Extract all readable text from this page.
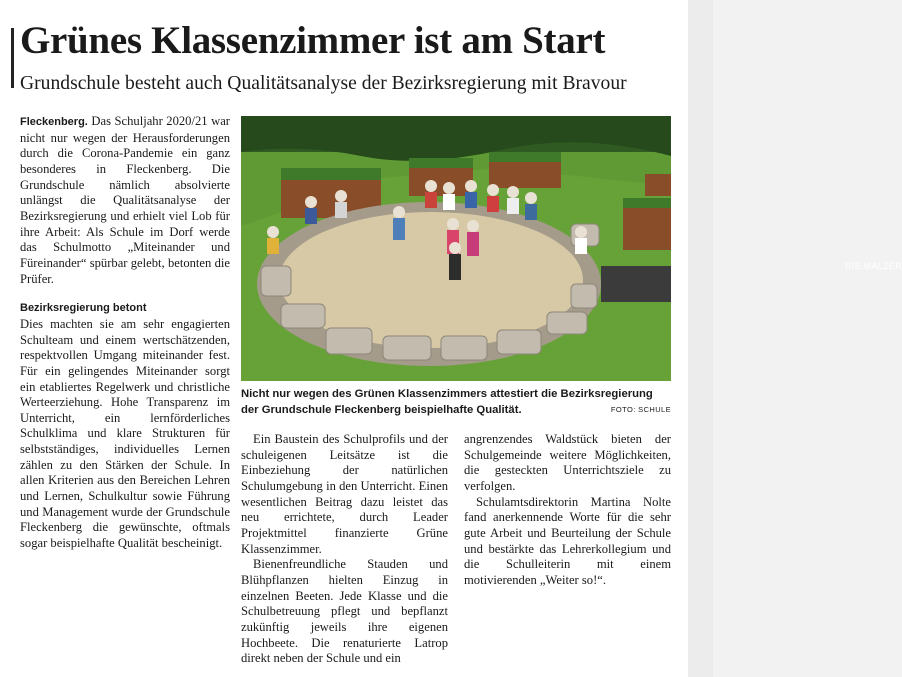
Grünes Klassenzimmer ist am Start
Grundschule besteht auch Qualitätsanalyse der Bezirksregierung mit Bravour

Fleckenberg. Das Schuljahr 2020/21 war nicht nur wegen der Herausforderungen durch die Corona-Pandemie ein ganz besonderes in Fleckenberg. Die Grundschule nämlich absolvierte unlängst die Qualitätsanalyse der Bezirksregierung und erhielt viel Lob für ihre Arbeit: Als Schule im Dorf werde das Schulmotto „Miteinander und Füreinander“ spürbar gelebt, betonten die Prüfer.

Bezirksregierung betont

Dies machten sie am sehr engagierten Schulteam und einem wertschätzenden, respektvollen Umgang miteinander fest. Für ein gelingendes Miteinander sorgt ein etabliertes Regelwerk und christliche Werteerziehung. Hohe Transparenz im Unterricht, ein lernförderliches Schulklima und klare Strukturen für selbstständiges, individuelles Lernen zählen zu den Stärken der Schule. In allen Kriterien aus den Bereichen Lehren und Lernen, Schulkultur sowie Führung und Management wurde der Grundschule Fleckenberg die gewünschte, oftmals sogar beispielhafte Qualität bescheinigt.

RIS.MALZER
Nicht nur wegen des Grünen Klassenzimmers attestiert die Bezirksregierung der Grundschule Fleckenberg beispielhafte Qualität.	FOTO: SCHULE

Ein Baustein des Schulprofils und der schuleigenen Leitsätze ist die Einbeziehung der natürlichen Schulumgebung in den Unterricht. Einen wesentlichen Beitrag dazu leistet das neu errichtete, durch Leader Projektmittel finanzierte Grüne Klassenzimmer.

Bienenfreundliche Stauden und Blühpflanzen hielten Einzug in einzelnen Beeten. Jede Klasse und die Schulbetreuung pflegt und bepflanzt zukünftig jeweils ihre eigenen Hochbeete. Die renaturierte Latrop direkt neben der Schule und ein

angrenzendes Waldstück bieten der Schulgemeinde weitere Möglichkeiten, die gesteckten Unterrichtsziele zu verfolgen.

Schulamtsdirektorin Martina Nolte fand anerkennende Worte für die sehr gute Arbeit und Beurteilung der Schule und bestärkte das Lehrerkollegium und die Schulleiterin mit einem motivierenden „Weiter so!“.
